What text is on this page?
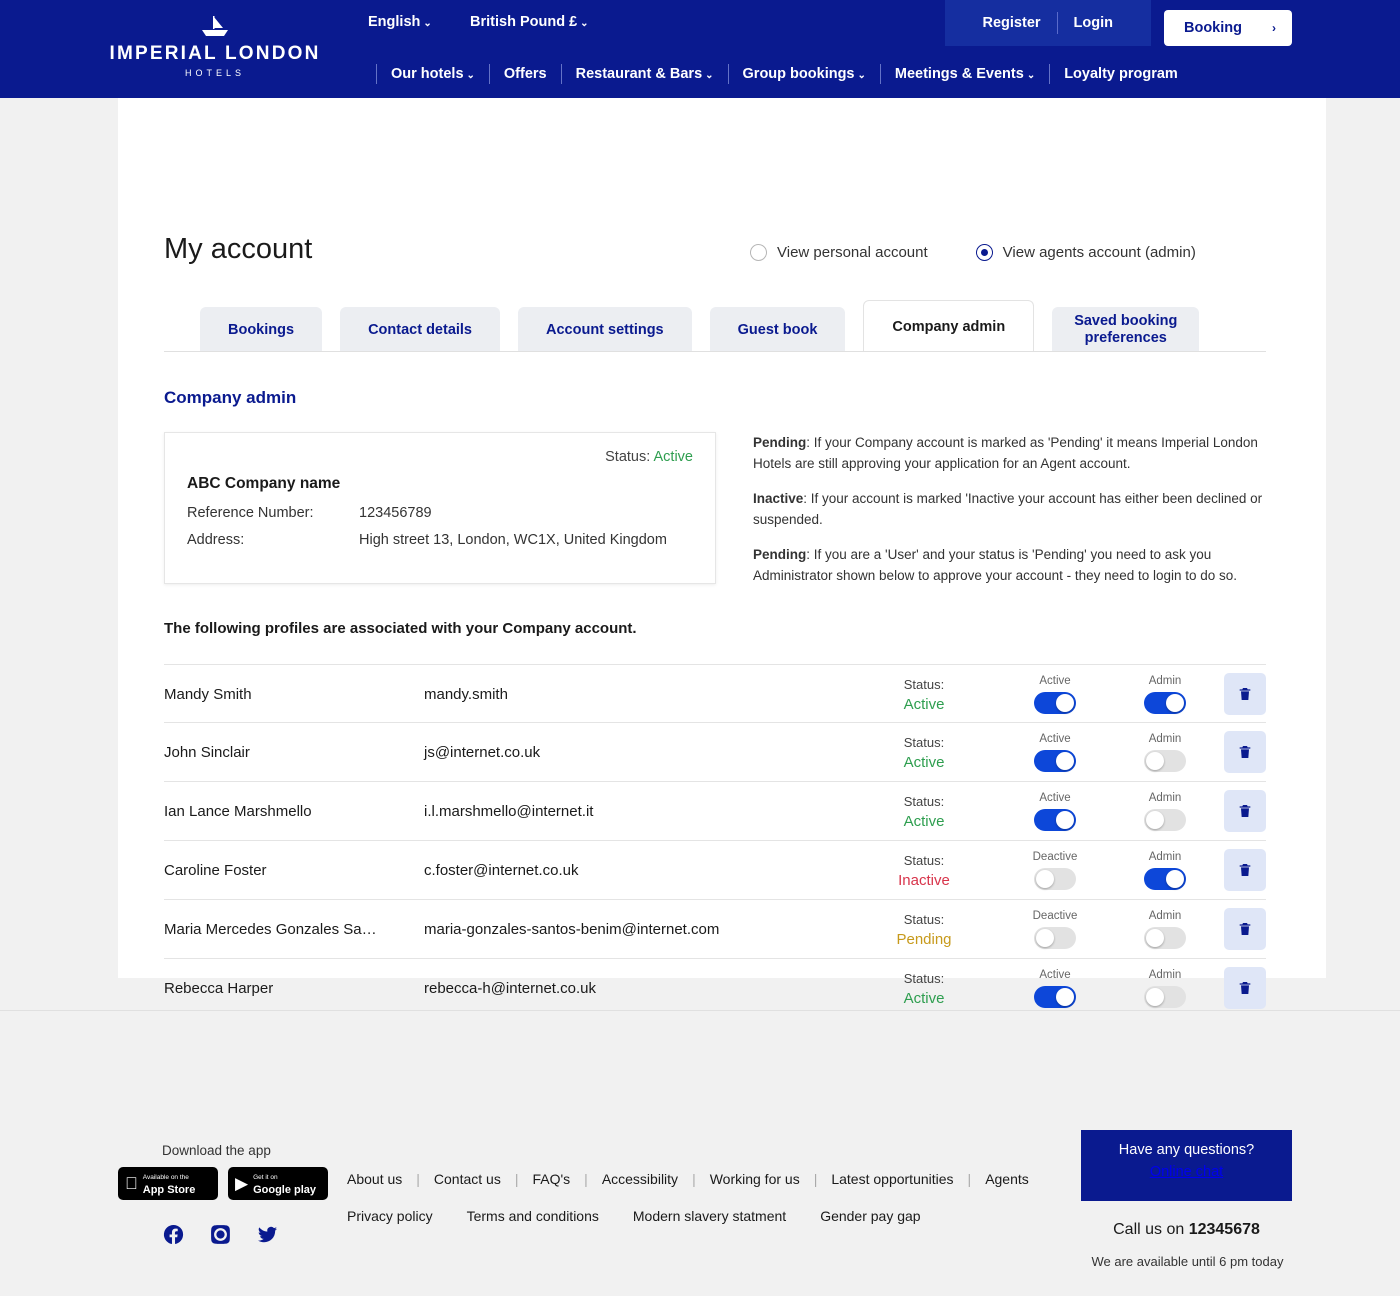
IMPERIAL LONDON
HOTELS
English ⌄	British Pound £ ⌄	Register	Login	Booking	›
Our hotels ⌄ Offers Restaurant & Bars ⌄ Group bookings ⌄ Meetings & Events ⌄ Loyalty program
My account	View personal account	View agents account (admin)
Bookings	Contact details	Account settings	Guest book	Company admin	Saved booking
preferences
Company admin
Status: Active
ABC Company name
Reference Number:	123456789
Address:	High street 13, London, WC1X, United Kingdom

Pending: If your Company account is marked as 'Pending' it means Imperial London Hotels are still approving your application for an Agent account.

Inactive: If your account is marked 'Inactive your account has either been declined or suspended.

Pending: If you are a 'User' and your status is 'Pending' you need to ask you Administrator shown below to approve your account - they need to login to do so.

The following profiles are associated with your Company account.
Mandy Smith	mandy.smith
Status:
Active
Active	Admin
John Sinclair	js@internet.co.uk
Status:
Active
Active	Admin
Ian Lance Marshmello	i.l.marshmello@internet.it
Status:
Active
Active	Admin
Caroline Foster	c.foster@internet.co.uk
Status:
Inactive
Deactive	Admin
Maria Mercedes Gonzales Sa…	maria-gonzales-santos-benim@internet.com
Status:
Pending
Deactive	Admin
Rebecca Harper	rebecca-h@internet.co.uk
Status:
Active
Active	Admin
Download the app
Available on the
App Store	▶ Get it on
Google play
About us | Contact us | FAQ's | Accessibility | Working for us | Latest opportunities | Agents
Privacy policy Terms and conditions Modern slavery statment Gender pay gap
Have any questions?
Online chat
Call us on 12345678
We are available until 6 pm today
